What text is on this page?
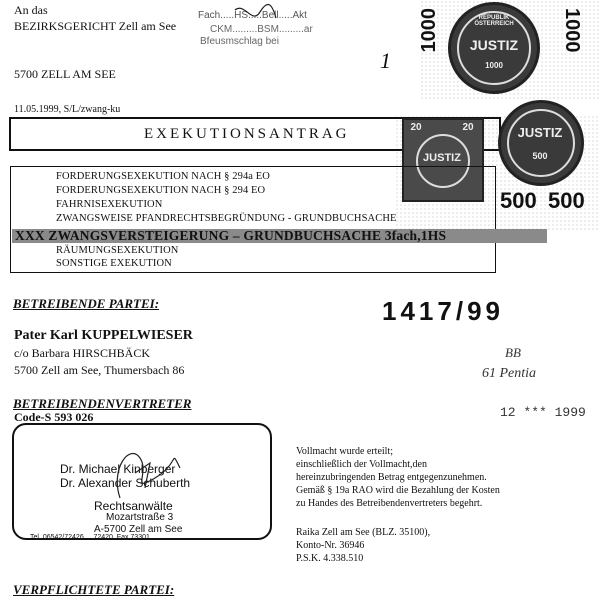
An das
BEZIRKSGERICHT Zell am See
5700 ZELL AM SEE
11.05.1999, S/L/zwang-ku
Fach.....HS.....Bell.....Akt
CKM.........BSM.........ar
Bfeusmschlag bei
1
1000	REPUBLIK ÖSTERREICH
JUSTIZ
1000
1000
EXEKUTIONSANTRAG	20	20
JUSTIZ
JUSTIZ
500
500 500
FORDERUNGSEXEKUTION NACH § 294a EO
FORDERUNGSEXEKUTION NACH § 294 EO
FAHRNISEXEKUTION
ZWANGSWEISE PFANDRECHTSBEGRÜNDUNG - GRUNDBUCHSACHE
XXX ZWANGSVERSTEIGERUNG – GRUNDBUCHSACHE 3fach,1HS
RÄUMUNGSEXEKUTION
SONSTIGE EXEKUTION
1417/99
BETREIBENDE PARTEI:
Pater Karl KUPPELWIESER
c/o Barbara HIRSCHBÄCK
5700 Zell am See, Thumersbach 86
BB
61 Pentia
12 *** 1999
BETREIBENDENVERTRETER
Code-S 593 026
Dr. Michael Kinberger
Dr. Alexander Schuberth
Rechtsanwälte
Mozartstraße 3
A-5700 Zell am See
Tel. 06542/72426 ... 72420, Fax 73301
Vollmacht wurde erteilt;
einschließlich der Vollmacht,den
hereinzubringenden Betrag entgegenzunehmen.
Gemäß § 19a RAO wird die Bezahlung der Kosten
zu Handes des Betreibendenvertreters begehrt.
Raika Zell am See (BLZ. 35100),
Konto-Nr. 36946
P.S.K. 4.338.510
VERPFLICHTETE PARTEI:
